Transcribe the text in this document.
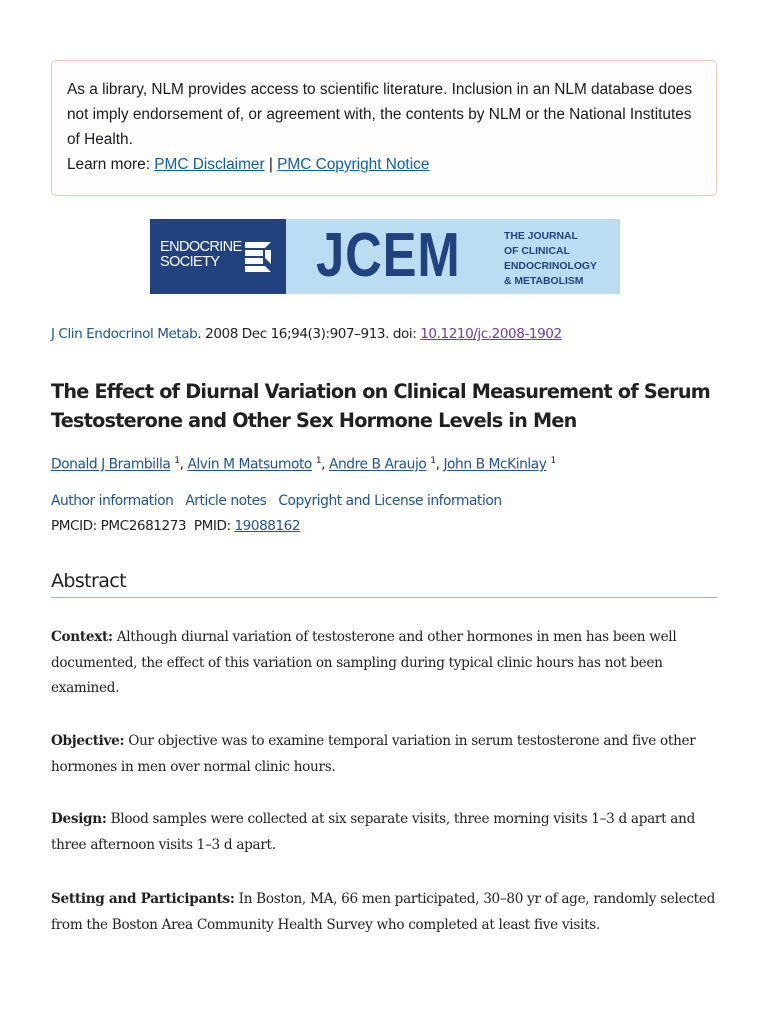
As a library, NLM provides access to scientific literature. Inclusion in an NLM database does not imply endorsement of, or agreement with, the contents by NLM or the National Institutes of Health.
Learn more: PMC Disclaimer | PMC Copyright Notice
ENDOCRINE
SOCIETY	JCEM	THE JOURNAL
OF CLINICAL
ENDOCRINOLOGY
& METABOLISM
J Clin Endocrinol Metab. 2008 Dec 16;94(3):907–913. doi: 10.1210/jc.2008-1902
The Effect of Diurnal Variation on Clinical Measurement of Serum Testosterone and Other Sex Hormone Levels in Men
Donald J Brambilla $^1$, Alvin M Matsumoto $^1$, Andre B Araujo $^1$, John B McKinlay $^1$
Author information Article notes Copyright and License information
PMCID: PMC2681273 PMID: 19088162
Abstract

Context: Although diurnal variation of testosterone and other hormones in men has been well documented, the effect of this variation on sampling during typical clinic hours has not been examined.

Objective: Our objective was to examine temporal variation in serum testosterone and five other hormones in men over normal clinic hours.

Design: Blood samples were collected at six separate visits, three morning visits 1–3 d apart and three afternoon visits 1–3 d apart.

Setting and Participants: In Boston, MA, 66 men participated, 30–80 yr of age, randomly selected from the Boston Area Community Health Survey who completed at least five visits.
